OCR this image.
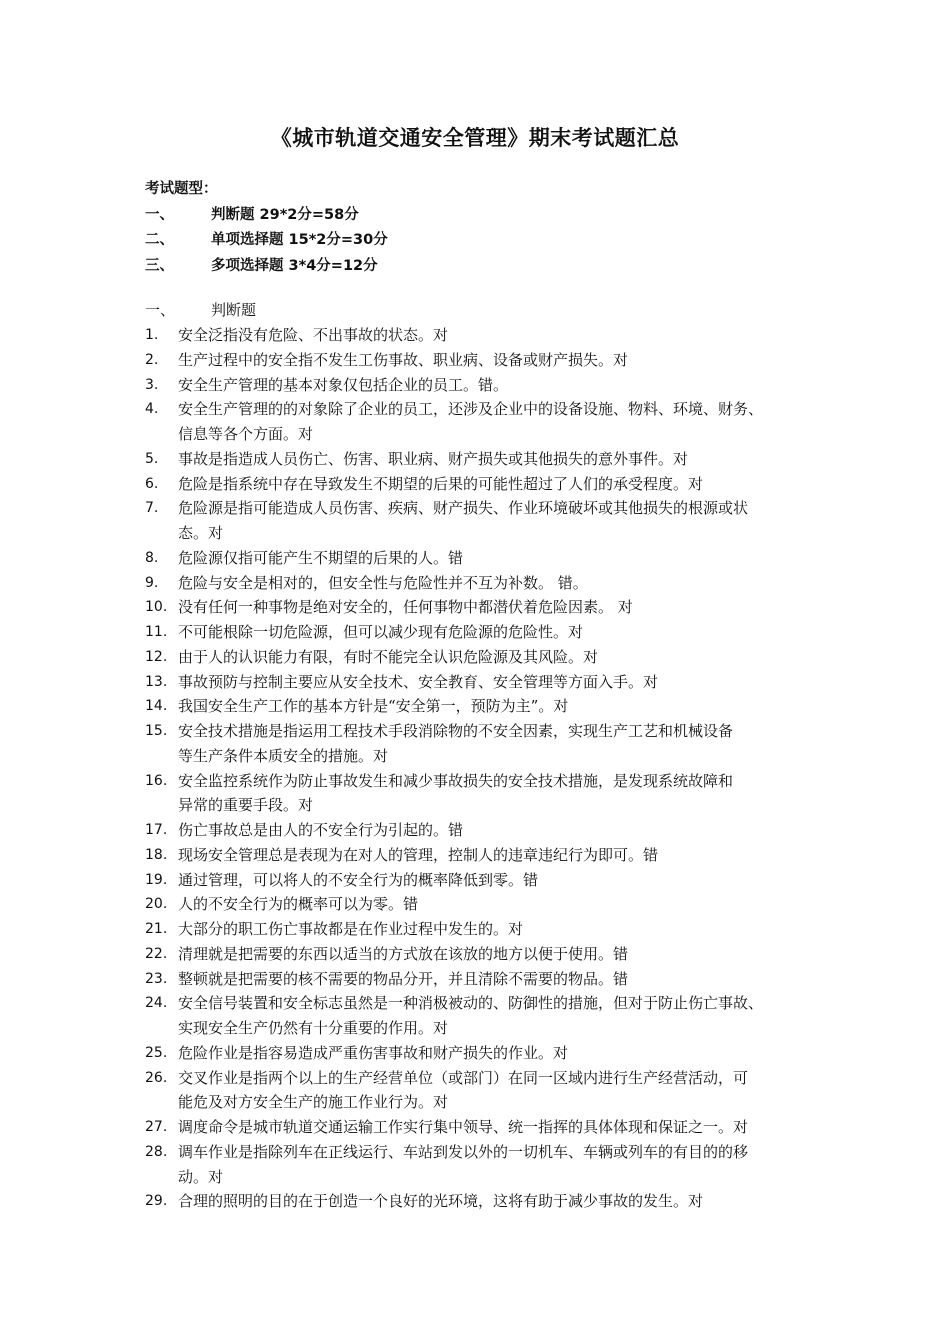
《城市轨道交通安全管理》期末考试题汇总
考试题型：
一、	判断题 29*2分=58分
二、	单项选择题 15*2分=30分
三、	多项选择题 3*4分=12分
一、 判断题
1.	安全泛指没有危险、不出事故的状态。对
2.	生产过程中的安全指不发生工伤事故、职业病、设备或财产损失。对
3.	安全生产管理的基本对象仅包括企业的员工。错。
4.	安全生产管理的的对象除了企业的员工，还涉及企业中的设备设施、物料、环境、财务、
信息等各个方面。对
5.	事故是指造成人员伤亡、伤害、职业病、财产损失或其他损失的意外事件。对
6.	危险是指系统中存在导致发生不期望的后果的可能性超过了人们的承受程度。对
7.	危险源是指可能造成人员伤害、疾病、财产损失、作业环境破坏或其他损失的根源或状
态。对
8.	危险源仅指可能产生不期望的后果的人。错
9.	危险与安全是相对的，但安全性与危险性并不互为补数。 错。
10. 没有任何一种事物是绝对安全的，任何事物中都潜伏着危险因素。 对
11. 不可能根除一切危险源，但可以减少现有危险源的危险性。对
12. 由于人的认识能力有限，有时不能完全认识危险源及其风险。对
13. 事故预防与控制主要应从安全技术、安全教育、安全管理等方面入手。对
14. 我国安全生产工作的基本方针是“安全第一，预防为主”。对
15. 安全技术措施是指运用工程技术手段消除物的不安全因素，实现生产工艺和机械设备
等生产条件本质安全的措施。对
16. 安全监控系统作为防止事故发生和减少事故损失的安全技术措施，是发现系统故障和
异常的重要手段。对
17. 伤亡事故总是由人的不安全行为引起的。错
18. 现场安全管理总是表现为在对人的管理，控制人的违章违纪行为即可。错
19. 通过管理，可以将人的不安全行为的概率降低到零。错
20. 人的不安全行为的概率可以为零。错
21. 大部分的职工伤亡事故都是在作业过程中发生的。对
22. 清理就是把需要的东西以适当的方式放在该放的地方以便于使用。错
23. 整顿就是把需要的核不需要的物品分开，并且清除不需要的物品。错
24. 安全信号装置和安全标志虽然是一种消极被动的、防御性的措施，但对于防止伤亡事故、
实现安全生产仍然有十分重要的作用。对
25. 危险作业是指容易造成严重伤害事故和财产损失的作业。对
26. 交叉作业是指两个以上的生产经营单位（或部门）在同一区域内进行生产经营活动，可
能危及对方安全生产的施工作业行为。对
27. 调度命令是城市轨道交通运输工作实行集中领导、统一指挥的具体体现和保证之一。对
28. 调车作业是指除列车在正线运行、车站到发以外的一切机车、车辆或列车的有目的的移
动。对
29. 合理的照明的目的在于创造一个良好的光环境，这将有助于减少事故的发生。对
